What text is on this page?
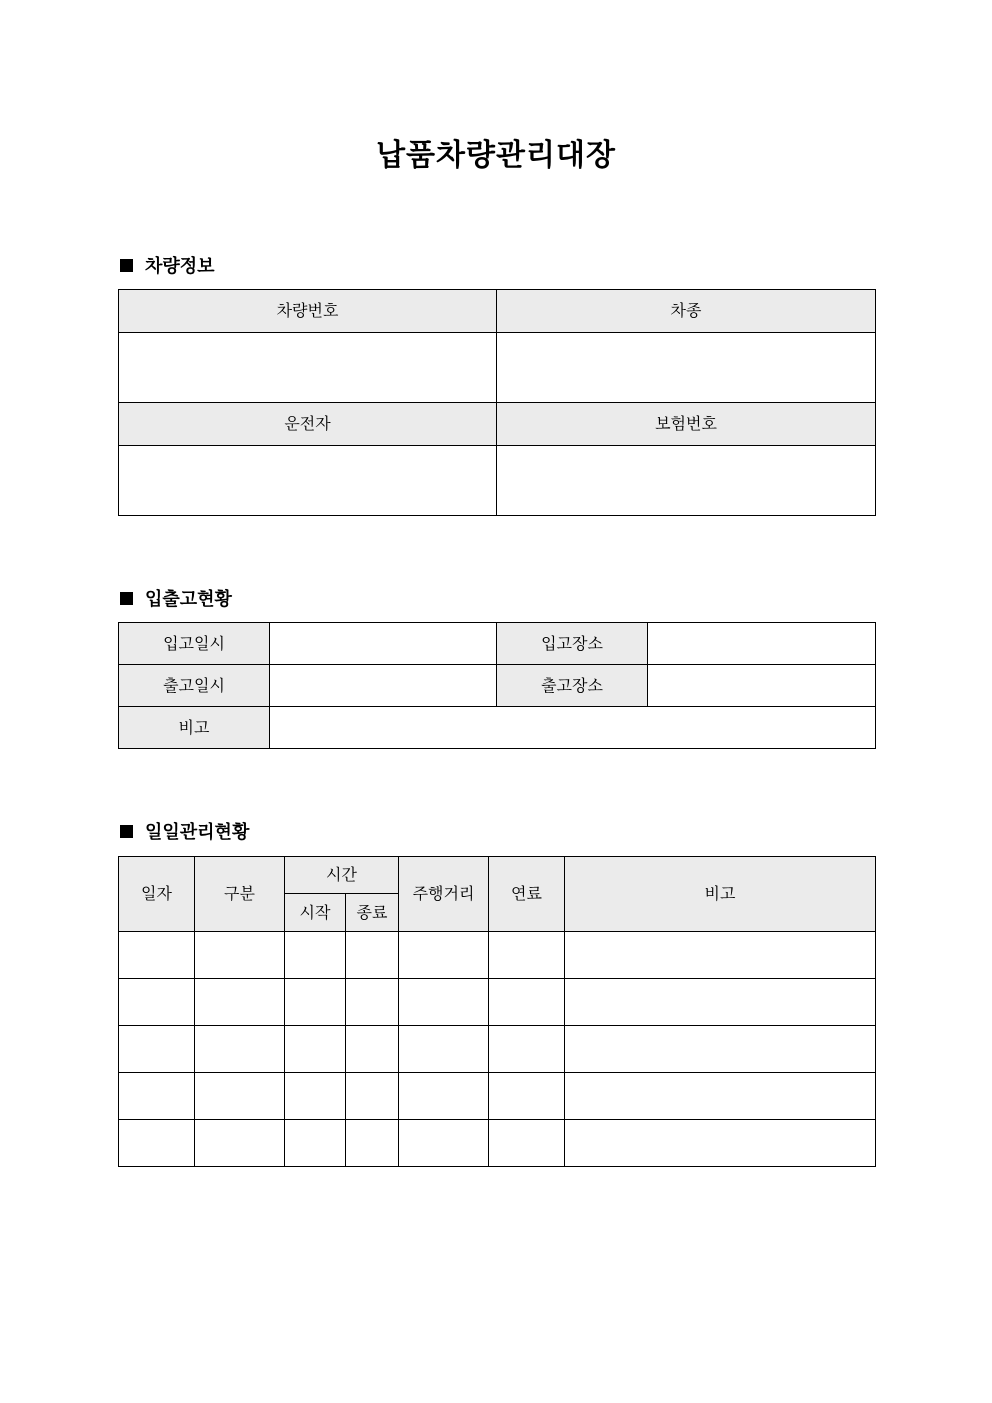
납품차량관리대장
차량정보
차량번호	차종

운전자	보험번호

입출고현황
입고일시		입고장소	
출고일시		출고장소	
비고			
일일관리현황
일자	구분	시간		주행거리	연료	비고
		시작	종료			
